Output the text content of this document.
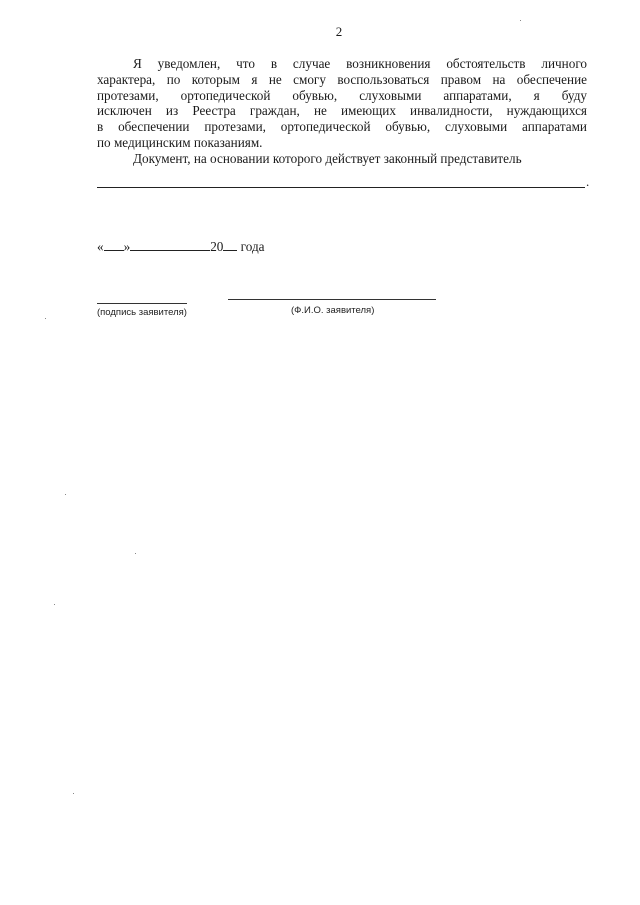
2

Я уведомлен, что в случае возникновения обстоятельств личного
характера, по которым я не смогу воспользоваться правом на обеспечение
протезами, ортопедической обувью, слуховыми аппаратами, я буду
исключен из Реестра граждан, не имеющих инвалидности, нуждающихся
в обеспечении протезами, ортопедической обувью, слуховыми аппаратами
по медицинским показаниям.

Документ, на основании которого действует законный представитель

.
« »	20 года
(подпись заявителя)	(Ф.И.О. заявителя)
